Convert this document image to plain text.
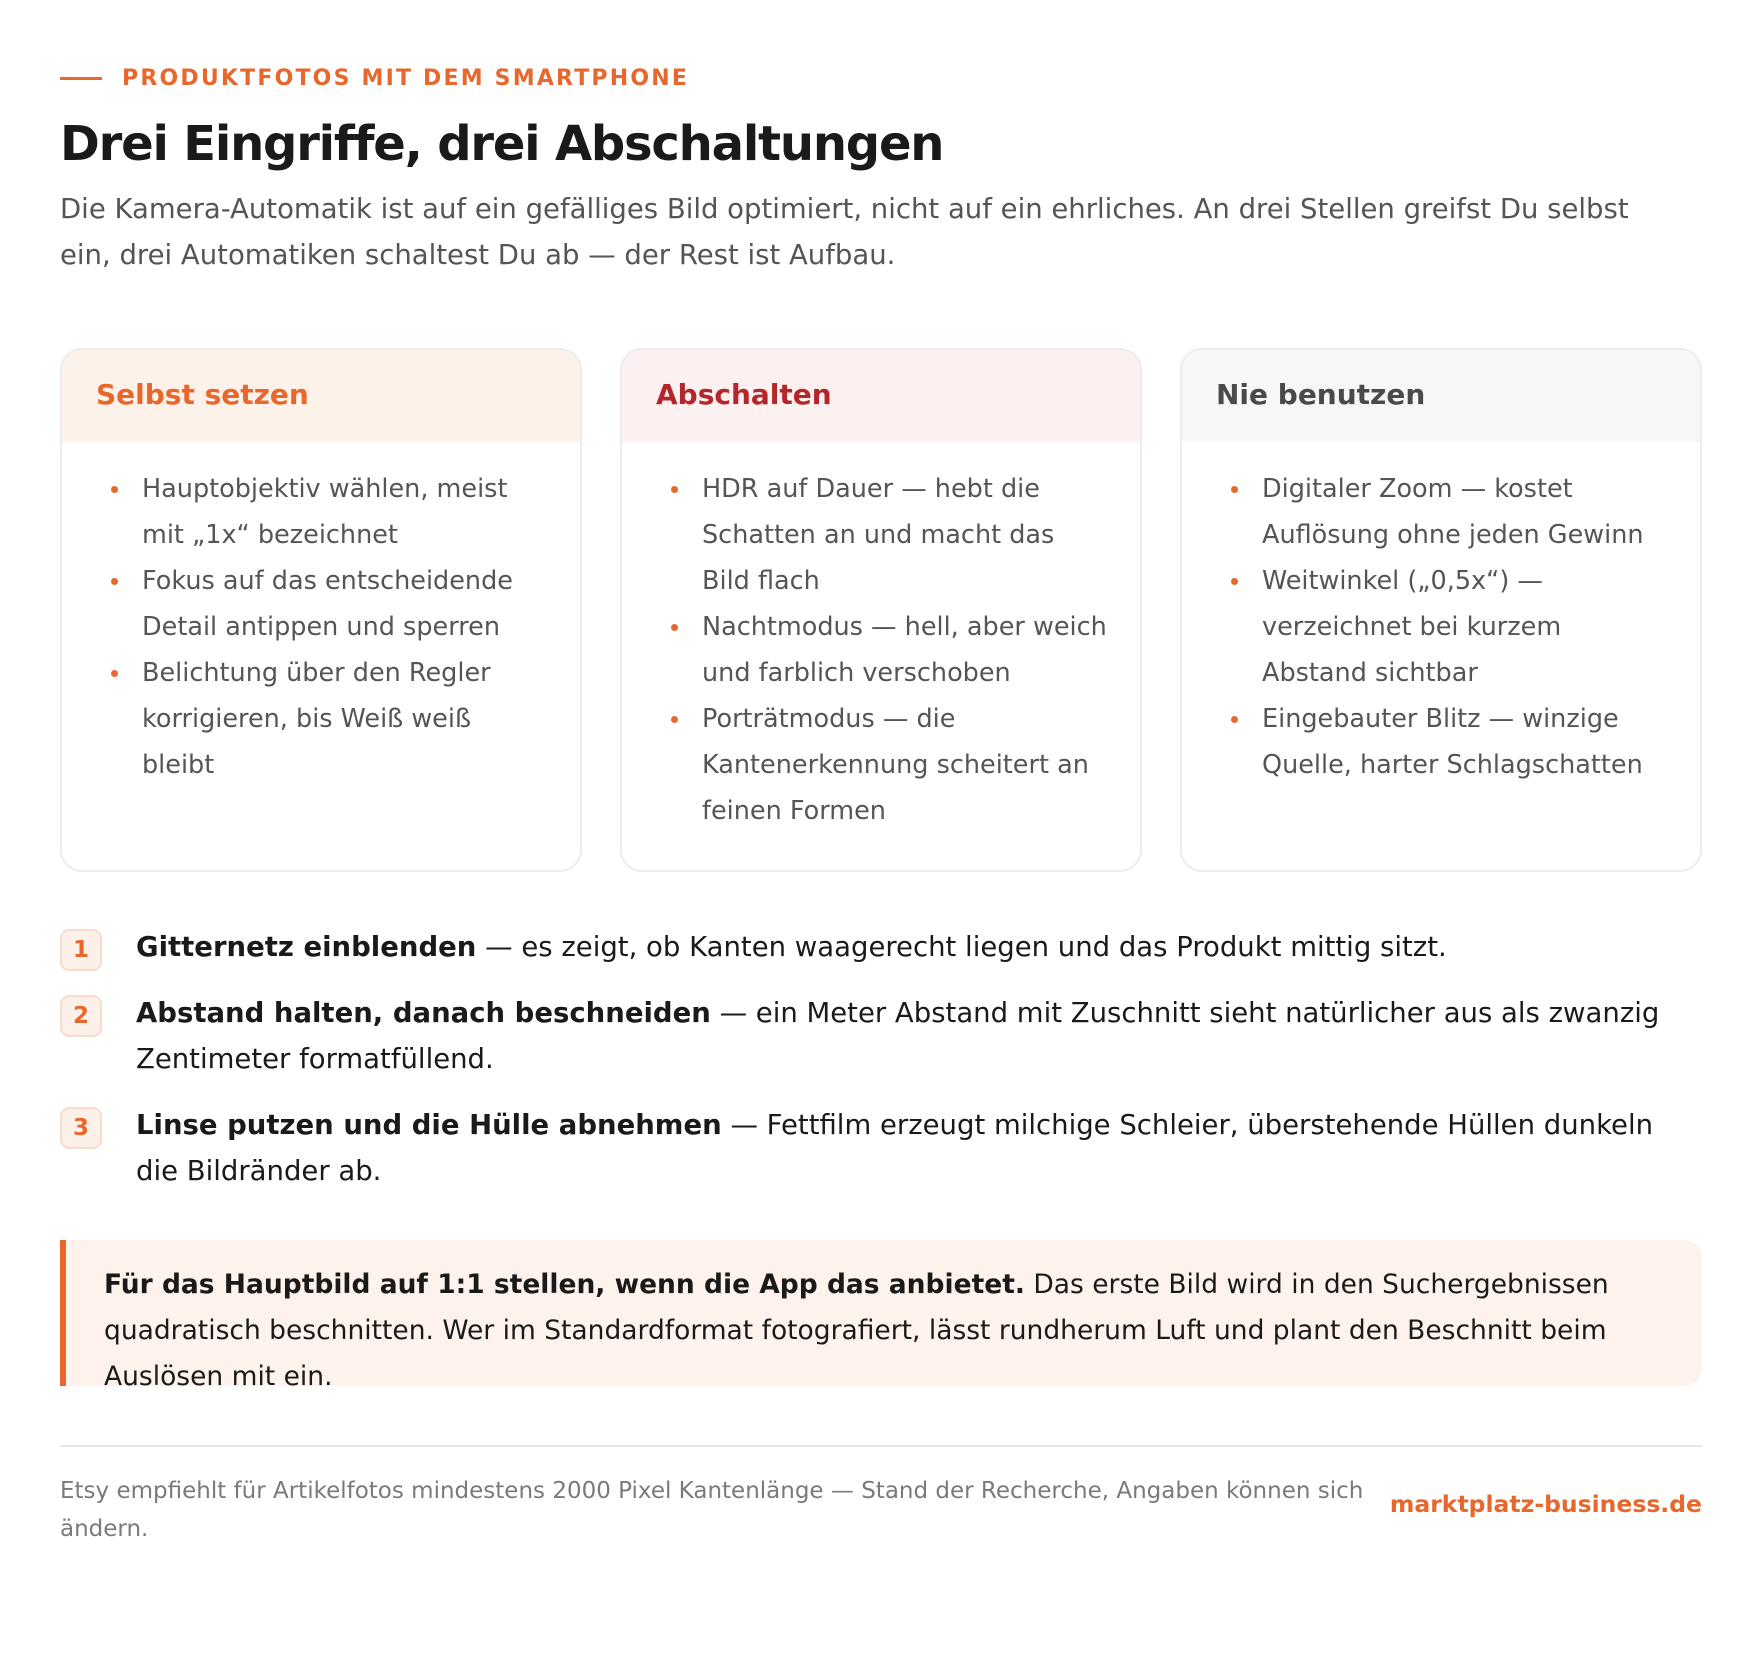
PRODUKTFOTOS MIT DEM SMARTPHONE
Drei Eingriffe, drei Abschaltungen

Die Kamera-Automatik ist auf ein gefälliges Bild optimiert, nicht auf ein ehrliches. An drei Stellen greifst Du selbst ein, drei Automatiken schaltest Du ab — der Rest ist Aufbau.

Selbst setzen
Hauptobjektiv wählen, meist mit „1x“ bezeichnet
Fokus auf das entscheidende Detail antippen und sperren
Belichtung über den Regler korrigieren, bis Weiß weiß bleibt
Abschalten
HDR auf Dauer — hebt die Schatten an und macht das Bild flach
Nachtmodus — hell, aber weich und farblich verschoben
Porträtmodus — die Kantenerkennung scheitert an feinen Formen
Nie benutzen
Digitaler Zoom — kostet Auflösung ohne jeden Gewinn
Weitwinkel („0,5x“) — verzeichnet bei kurzem Abstand sichtbar
Eingebauter Blitz — winzige Quelle, harter Schlagschatten
1	Gitternetz einblenden — es zeigt, ob Kanten waagerecht liegen und das Produkt mittig sitzt.
2	Abstand halten, danach beschneiden — ein Meter Abstand mit Zuschnitt sieht natürlicher aus als zwanzig Zentimeter formatfüllend.
3	Linse putzen und die Hülle abnehmen — Fettfilm erzeugt milchige Schleier, überstehende Hüllen dunkeln die Bildränder ab.
Für das Hauptbild auf 1:1 stellen, wenn die App das anbietet. Das erste Bild wird in den Suchergebnissen quadratisch beschnitten. Wer im Standardformat fotografiert, lässt rundherum Luft und plant den Beschnitt beim Auslösen mit ein.

Etsy empfiehlt für Artikelfotos mindestens 2000 Pixel Kantenlänge — Stand der Recherche, Angaben können sich ändern.

marktplatz-business.de
